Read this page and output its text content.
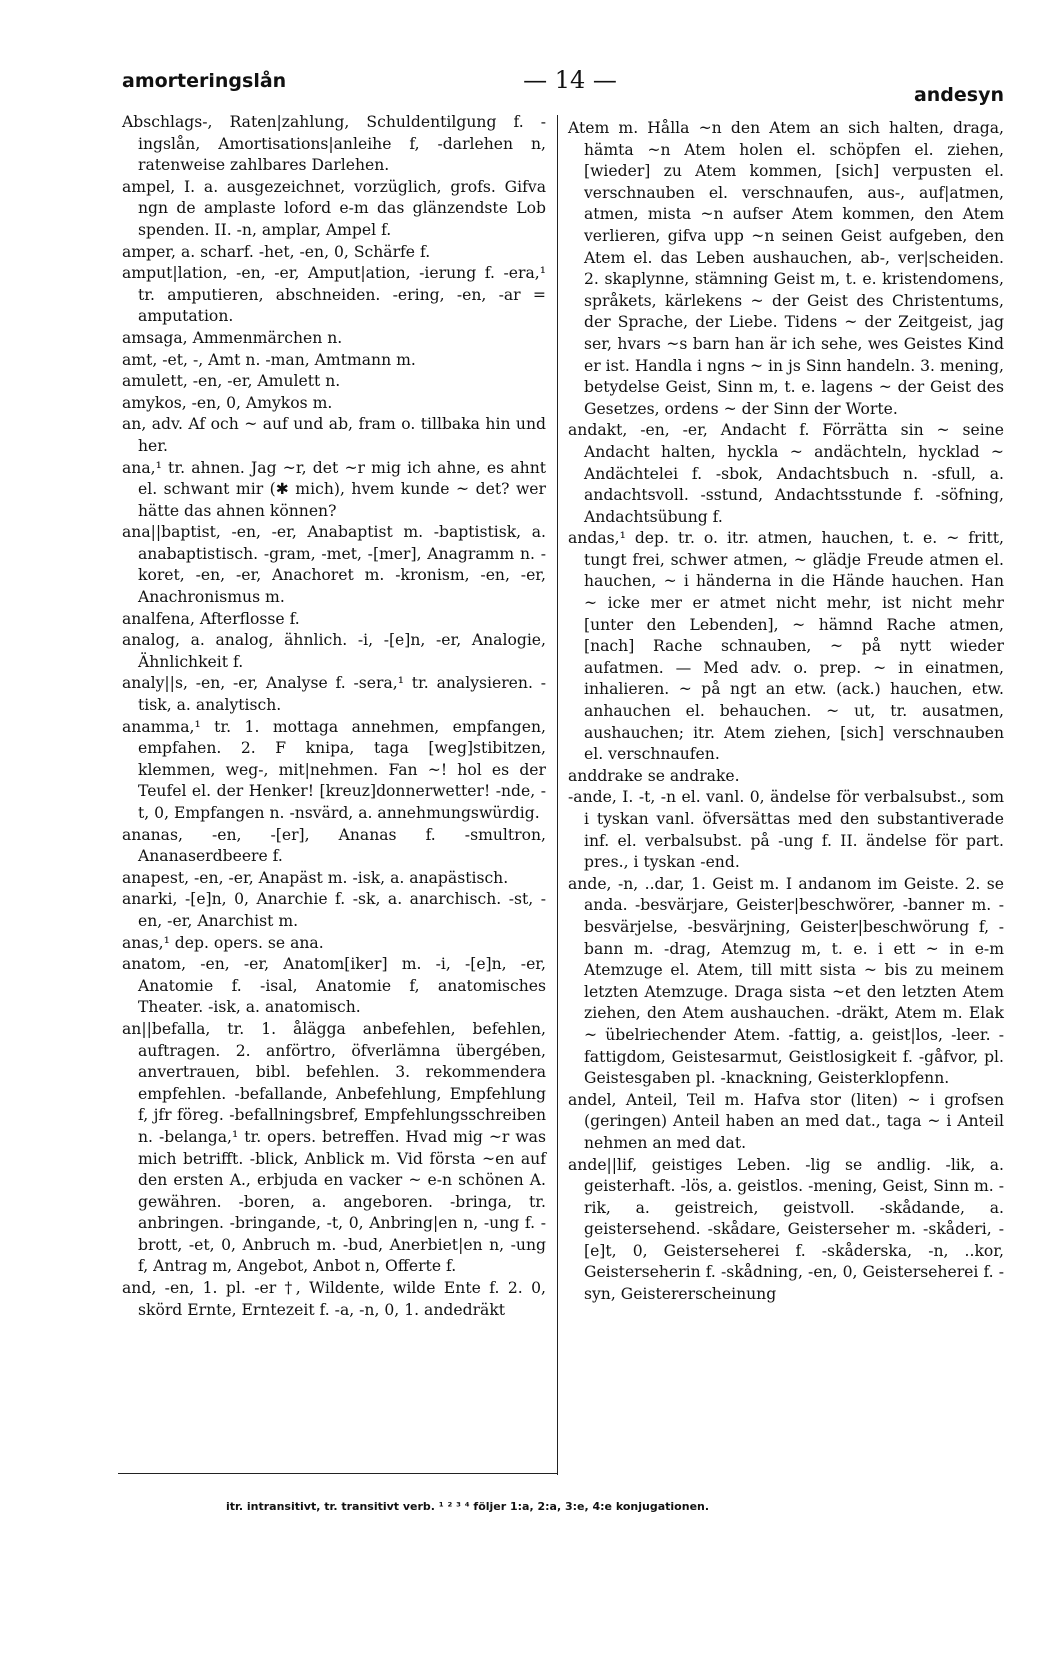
amorteringslån	— 14 —
andesyn

Abschlags-, Raten|zahlung, Schuldentilgung f. -ingslån, Amortisations|anleihe f, -darlehen n, ratenweise zahlbares Darlehen.

ampel, I. a. ausgezeichnet, vorzüglich, grofs. Gifva ngn de amplaste loford e-m das glänzendste Lob spenden. II. -n, amplar, Ampel f.

amper, a. scharf. -het, -en, 0, Schärfe f.

amput|lation, -en, -er, Amput|ation, -ierung f. -era,¹ tr. amputieren, abschneiden. -ering, -en, -ar = amputation.

amsaga, Ammenmärchen n.

amt, -et, -, Amt n. -man, Amtmann m.

amulett, -en, -er, Amulett n.

amykos, -en, 0, Amykos m.

an, adv. Af och ~ auf und ab, fram o. tillbaka hin und her.

ana,¹ tr. ahnen. Jag ~r, det ~r mig ich ahne, es ahnt el. schwant mir (✱ mich), hvem kunde ~ det? wer hätte das ahnen können?

ana||baptist, -en, -er, Anabaptist m. -baptistisk, a. anabaptistisch. -gram, -met, -[mer], Anagramm n. -koret, -en, -er, Anachoret m. -kronism, -en, -er, Anachronismus m.

analfena, Afterflosse f.

analog, a. analog, ähnlich. -i, -[e]n, -er, Analogie, Ähnlichkeit f.

analy||s, -en, -er, Analyse f. -sera,¹ tr. analysieren. -tisk, a. analytisch.

anamma,¹ tr. 1. mottaga annehmen, empfangen, empfahen. 2. F knipa, taga [weg]stibitzen, klemmen, weg-, mit|nehmen. Fan ~! hol es der Teufel el. der Henker! [kreuz]donnerwetter! -nde, -t, 0, Empfangen n. -nsvärd, a. annehmungswürdig.

ananas, -en, -[er], Ananas f. -smultron, Ananaserdbeere f.

anapest, -en, -er, Anapäst m. -isk, a. anapästisch.

anarki, -[e]n, 0, Anarchie f. -sk, a. anarchisch. -st, -en, -er, Anarchist m.

anas,¹ dep. opers. se ana.

anatom, -en, -er, Anatom[iker] m. -i, -[e]n, -er, Anatomie f. -isal, Anatomie f, anatomisches Theater. -isk, a. anatomisch.

an||befalla, tr. 1. ålägga anbefehlen, befehlen, auftragen. 2. anförtro, öfverlämna übergében, anvertrauen, bibl. befehlen. 3. rekommendera empfehlen. -befallande, Anbefehlung, Empfehlung f, jfr föreg. -befallningsbref, Empfehlungsschreiben n. -belanga,¹ tr. opers. betreffen. Hvad mig ~r was mich betrifft. -blick, Anblick m. Vid första ~en auf den ersten A., erbjuda en vacker ~ e-n schönen A. gewähren. -boren, a. angeboren. -bringa, tr. anbringen. -bringande, -t, 0, Anbring|en n, -ung f. -brott, -et, 0, Anbruch m. -bud, Anerbiet|en n, -ung f, Antrag m, Angebot, Anbot n, Offerte f.

and, -en, 1. pl. -er †, Wildente, wilde Ente f. 2. 0, skörd Ernte, Erntezeit f. -a, -n, 0, 1. andedräkt

Atem m. Hålla ~n den Atem an sich halten, draga, hämta ~n Atem holen el. schöpfen el. ziehen, [wieder] zu Atem kommen, [sich] verpusten el. verschnauben el. verschnaufen, aus-, auf|atmen, atmen, mista ~n aufser Atem kommen, den Atem verlieren, gifva upp ~n seinen Geist aufgeben, den Atem el. das Leben aushauchen, ab-, ver|scheiden. 2. skaplynne, stämning Geist m, t. e. kristendomens, språkets, kärlekens ~ der Geist des Christentums, der Sprache, der Liebe. Tidens ~ der Zeitgeist, jag ser, hvars ~s barn han är ich sehe, wes Geistes Kind er ist. Handla i ngns ~ in js Sinn handeln. 3. mening, betydelse Geist, Sinn m, t. e. lagens ~ der Geist des Gesetzes, ordens ~ der Sinn der Worte.

andakt, -en, -er, Andacht f. Förrätta sin ~ seine Andacht halten, hyckla ~ andächteln, hycklad ~ Andächtelei f. -sbok, Andachtsbuch n. -sfull, a. andachtsvoll. -sstund, Andachtsstunde f. -söfning, Andachtsübung f.

andas,¹ dep. tr. o. itr. atmen, hauchen, t. e. ~ fritt, tungt frei, schwer atmen, ~ glädje Freude atmen el. hauchen, ~ i händerna in die Hände hauchen. Han ~ icke mer er atmet nicht mehr, ist nicht mehr [unter den Lebenden], ~ hämnd Rache atmen, [nach] Rache schnauben, ~ på nytt wieder aufatmen. — Med adv. o. prep. ~ in einatmen, inhalieren. ~ på ngt an etw. (ack.) hauchen, etw. anhauchen el. behauchen. ~ ut, tr. ausatmen, aushauchen; itr. Atem ziehen, [sich] verschnauben el. verschnaufen.

anddrake se andrake.

-ande, I. -t, -n el. vanl. 0, ändelse för verbalsubst., som i tyskan vanl. öfversättas med den substantiverade inf. el. verbalsubst. på -ung f. II. ändelse för part. pres., i tyskan -end.

ande, -n, ..dar, 1. Geist m. I andanom im Geiste. 2. se anda. -besvärjare, Geister|beschwörer, -banner m. -besvärjelse, -besvärjning, Geister|beschwörung f, -bann m. -drag, Atemzug m, t. e. i ett ~ in e-m Atemzuge el. Atem, till mitt sista ~ bis zu meinem letzten Atemzuge. Draga sista ~et den letzten Atem ziehen, den Atem aushauchen. -dräkt, Atem m. Elak ~ übelriechender Atem. -fattig, a. geist|los, -leer. -fattigdom, Geistesarmut, Geistlosigkeit f. -gåfvor, pl. Geistesgaben pl. -knackning, Geisterklopfenn.

andel, Anteil, Teil m. Hafva stor (liten) ~ i grofsen (geringen) Anteil haben an med dat., taga ~ i Anteil nehmen an med dat.

ande||lif, geistiges Leben. -lig se andlig. -lik, a. geisterhaft. -lös, a. geistlos. -mening, Geist, Sinn m. -rik, a. geistreich, geistvoll. -skådande, a. geistersehend. -skådare, Geisterseher m. -skåderi, -[e]t, 0, Geisterseherei f. -skåderska, -n, ..kor, Geisterseherin f. -skådning, -en, 0, Geisterseherei f. -syn, Geistererscheinung

itr. intransitivt, tr. transitivt verb. ¹ ² ³ ⁴ följer 1:a, 2:a, 3:e, 4:e konjugationen.
